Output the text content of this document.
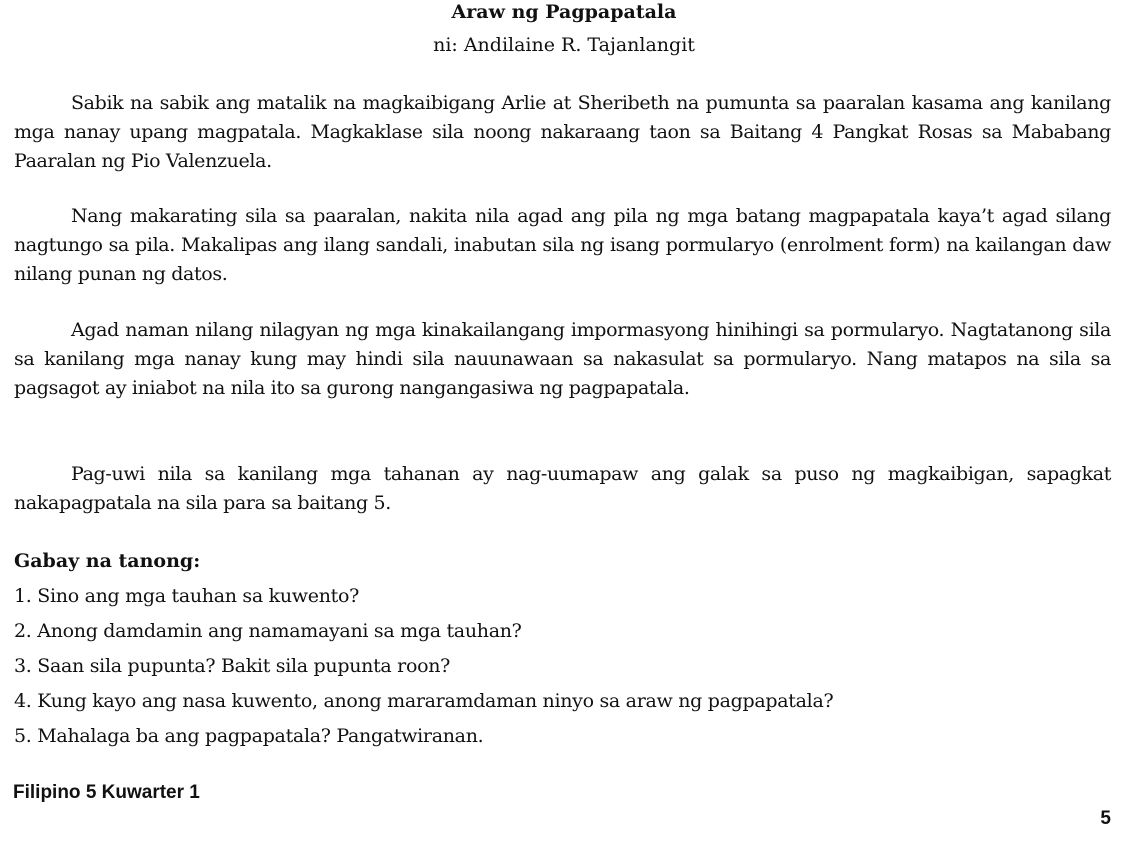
Araw ng Pagpapatala
ni: Andilaine R. Tajanlangit

Sabik na sabik ang matalik na magkaibigang Arlie at Sheribeth na pumunta sa paaralan kasama ang kanilang mga nanay upang magpatala. Magkaklase sila noong nakaraang taon sa Baitang 4 Pangkat Rosas sa Mababang Paaralan ng Pio Valenzuela.

Nang makarating sila sa paaralan, nakita nila agad ang pila ng mga batang magpapatala kaya’t agad silang nagtungo sa pila. Makalipas ang ilang sandali, inabutan sila ng isang pormularyo (enrolment form) na kailangan daw nilang punan ng datos.

Agad naman nilang nilagyan ng mga kinakailangang impormasyong hinihingi sa pormularyo. Nagtatanong sila sa kanilang mga nanay kung may hindi sila nauunawaan sa nakasulat sa pormularyo. Nang matapos na sila sa pagsagot ay iniabot na nila ito sa gurong nangangasiwa ng pagpapatala.

Pag-uwi nila sa kanilang mga tahanan ay nag-uumapaw ang galak sa puso ng magkaibigan, sapagkat nakapagpatala na sila para sa baitang 5.

Gabay na tanong:
1. Sino ang mga tauhan sa kuwento?
2. Anong damdamin ang namamayani sa mga tauhan?
3. Saan sila pupunta? Bakit sila pupunta roon?
4. Kung kayo ang nasa kuwento, anong mararamdaman ninyo sa araw ng pagpapatala?
5. Mahalaga ba ang pagpapatala? Pangatwiranan.
Filipino 5 Kuwarter 1
5
